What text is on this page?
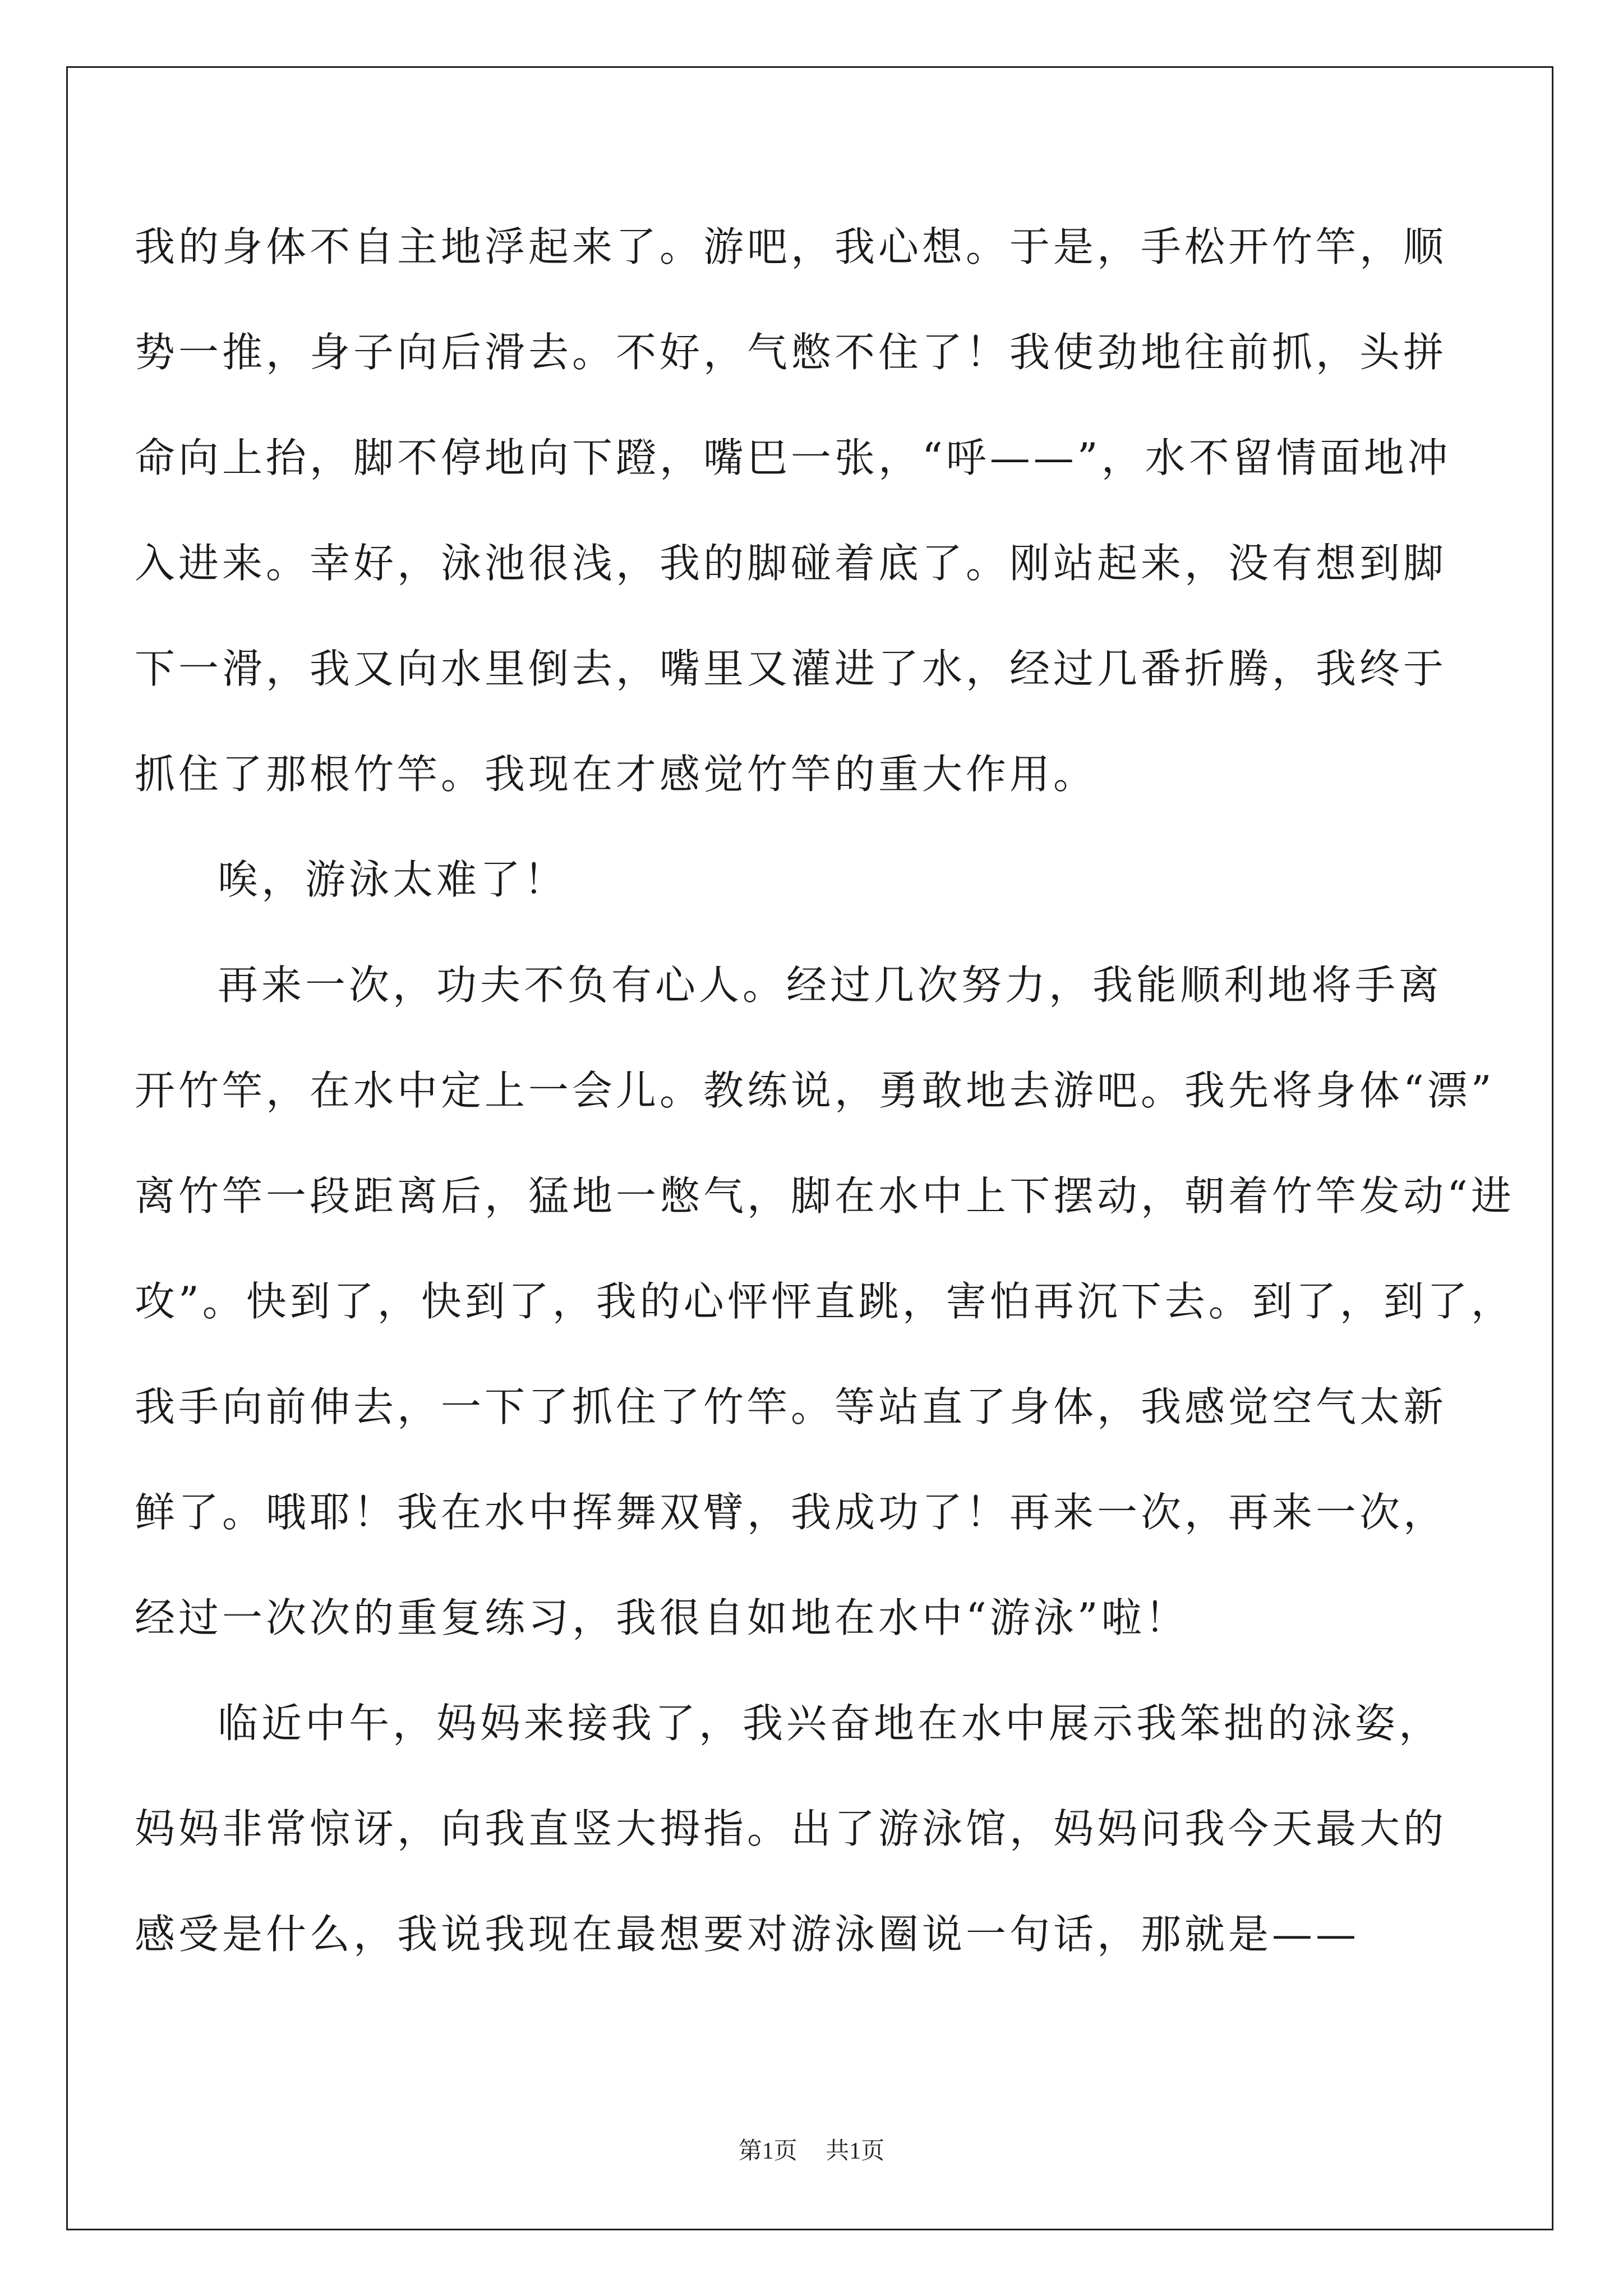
我的身体不自主地浮起来了。游吧，我心想。于是，手松开竹竿，顺
势一推，身子向后滑去。不好，气憋不住了！我使劲地往前抓，头拼
命向上抬，脚不停地向下蹬，嘴巴一张，“呼——”，水不留情面地冲
入进来。幸好，泳池很浅，我的脚碰着底了。刚站起来，没有想到脚
下一滑，我又向水里倒去，嘴里又灌进了水，经过几番折腾，我终于
抓住了那根竹竿。我现在才感觉竹竿的重大作用。
唉，游泳太难了！
再来一次，功夫不负有心人。经过几次努力，我能顺利地将手离
开竹竿，在水中定上一会儿。教练说，勇敢地去游吧。我先将身体“漂”
离竹竿一段距离后，猛地一憋气，脚在水中上下摆动，朝着竹竿发动“进
攻”。快到了，快到了，我的心怦怦直跳，害怕再沉下去。到了，到了，
我手向前伸去，一下了抓住了竹竿。等站直了身体，我感觉空气太新
鲜了。哦耶！我在水中挥舞双臂，我成功了！再来一次，再来一次，
经过一次次的重复练习，我很自如地在水中“游泳”啦！
临近中午，妈妈来接我了，我兴奋地在水中展示我笨拙的泳姿，
妈妈非常惊讶，向我直竖大拇指。出了游泳馆，妈妈问我今天最大的
感受是什么，我说我现在最想要对游泳圈说一句话，那就是——
第1页 共1页
